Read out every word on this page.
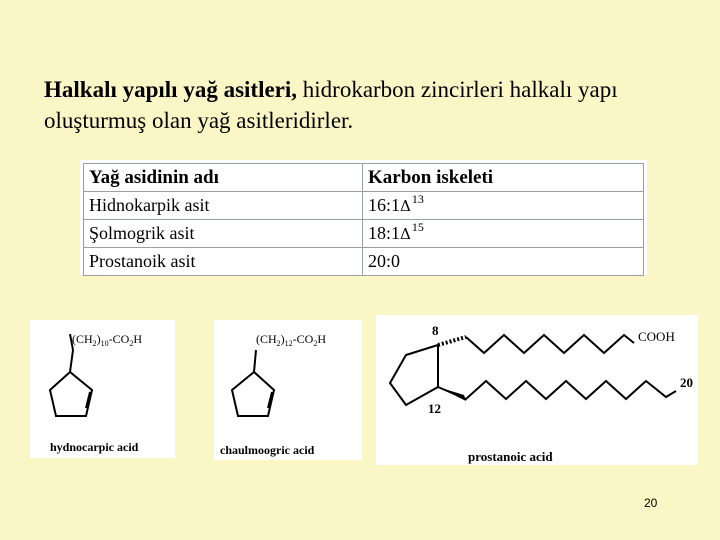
Halkalı yapılı yağ asitleri, hidrokarbon zincirleri halkalı yapı oluşturmuş olan yağ asitleridirler.
Yağ asidinin adı	Karbon iskeleti
Hidnokarpik asit	$16:1\Delta^{13}$
Şolmogrik asit	$18:1\Delta^{15}$
Prostanoik asit	20:0
$(CH_2)_{10}-CO_2H$
hydnocarpic acid
$(CH_2)_{12}-CO_2H$
chaulmoogric acid
8	COOH
20
12
prostanoic acid
20
